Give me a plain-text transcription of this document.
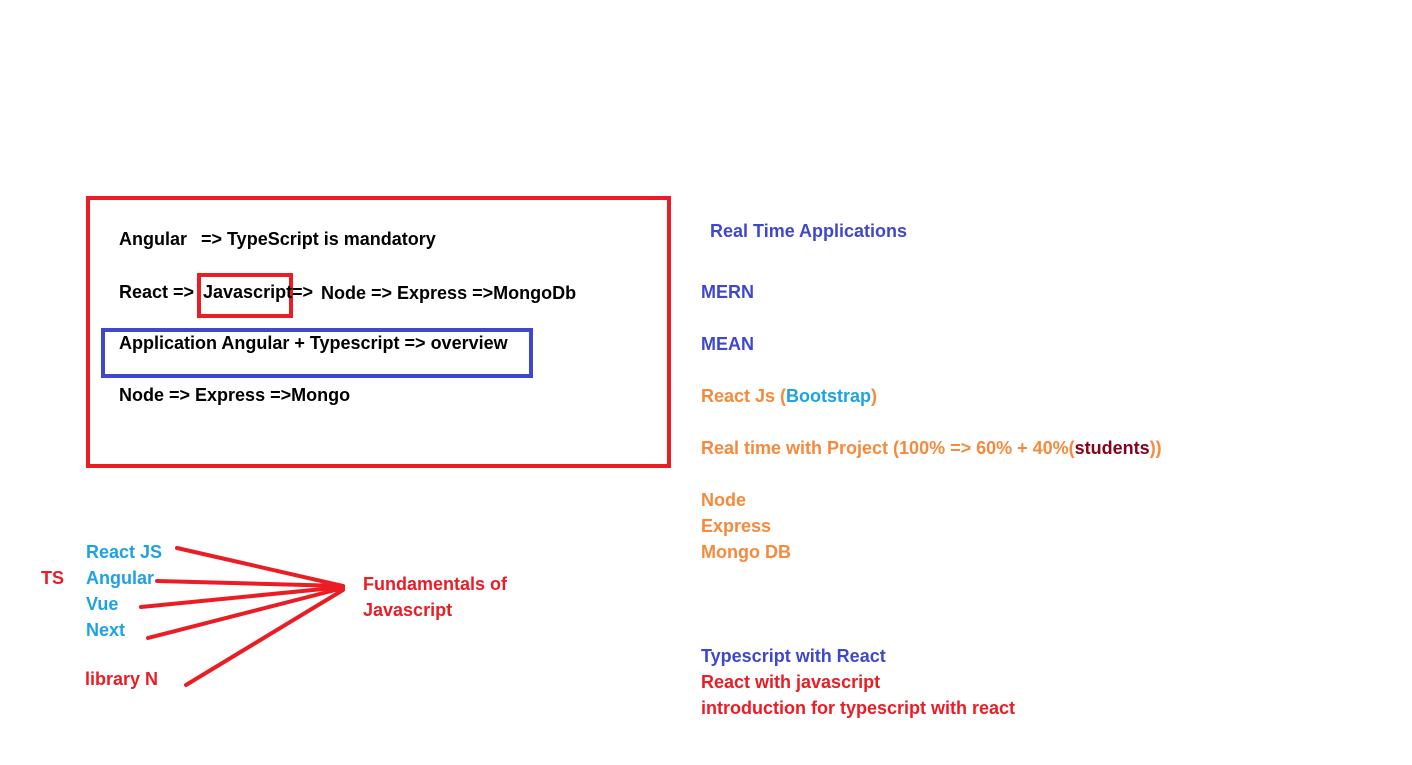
Angular => TypeScript is mandatory
React => Javascript => Node => Express =>MongoDb
Application Angular + Typescript => overview
Node => Express =>Mongo
React JS
TS Angular
Vue
Next
library N
Fundamentals of
Javascript
Real Time Applications
MERN
MEAN
React Js (Bootstrap)
Real time with Project (100% => 60% + 40%(students))
Node
Express
Mongo DB
Typescript with React
React with javascript
introduction for typescript with react
